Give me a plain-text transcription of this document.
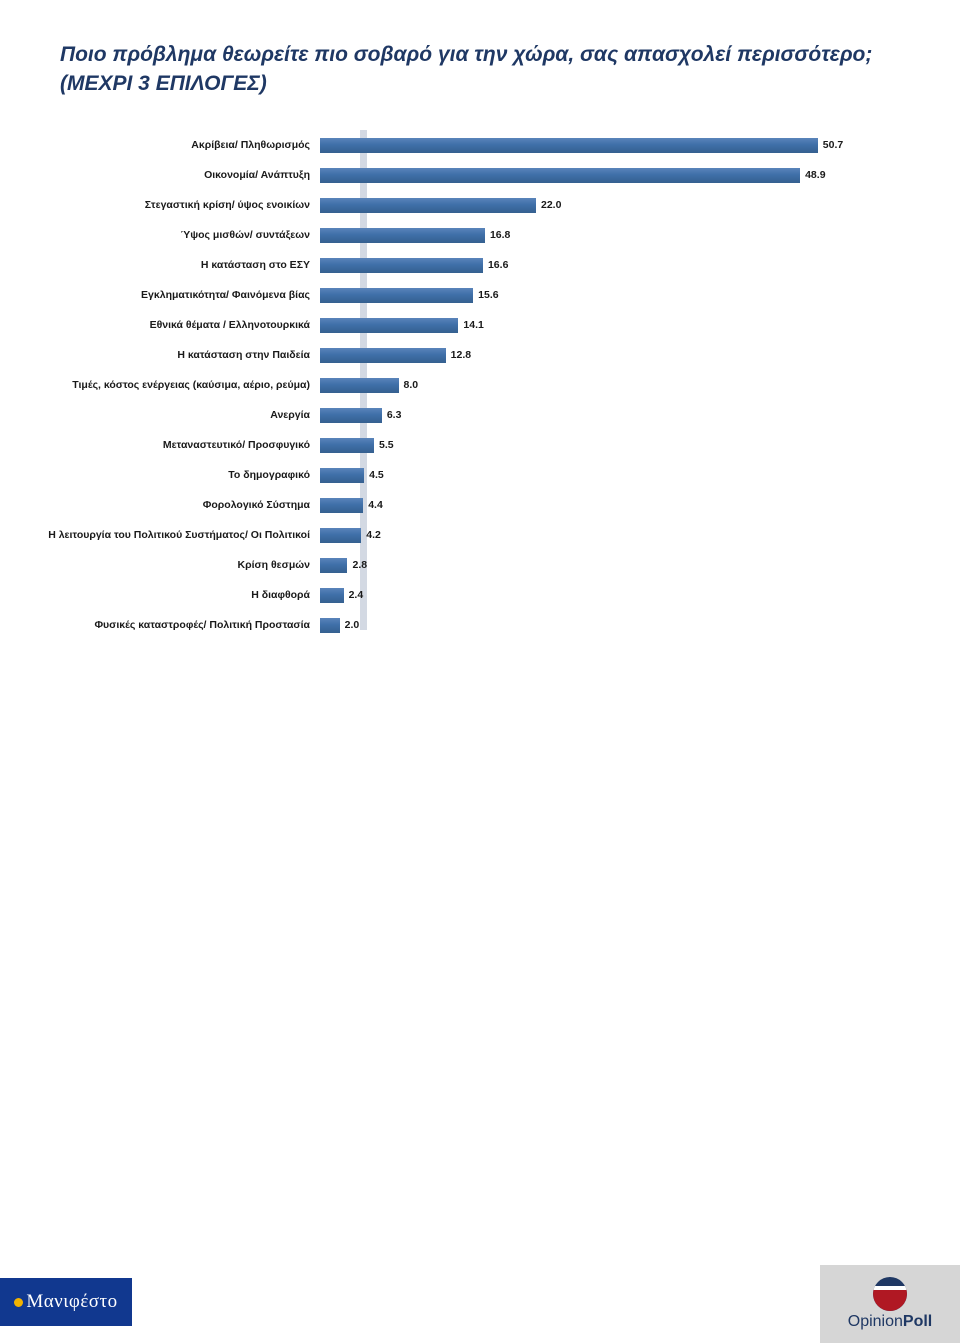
Ποιο πρόβλημα θεωρείτε πιο σοβαρό για την χώρα, σας απασχολεί περισσότερο;
(ΜΕΧΡΙ 3 ΕΠΙΛΟΓΕΣ)
Ακρίβεια/ Πληθωρισμός	50.7
Οικονομία/ Ανάπτυξη	48.9
Στεγαστική κρίση/ ύψος ενοικίων	22.0
Ύψος μισθών/ συντάξεων	16.8
Η κατάσταση στο ΕΣΥ	16.6
Εγκληματικότητα/ Φαινόμενα βίας	15.6
Εθνικά θέματα / Ελληνοτουρκικά	14.1
Η κατάσταση στην Παιδεία	12.8
Τιμές, κόστος ενέργειας (καύσιμα, αέριο, ρεύμα)	8.0
Ανεργία	6.3
Μεταναστευτικό/ Προσφυγικό	5.5
Το δημογραφικό	4.5
Φορολογικό Σύστημα	4.4
Η λειτουργία του Πολιτικού Συστήματος/ Οι Πολιτικοί	4.2
Κρίση θεσμών	2.8
Η διαφθορά	2.4
Φυσικές καταστροφές/ Πολιτική Προστασία	2.0
Μανιφέστο
OpinionPoll
